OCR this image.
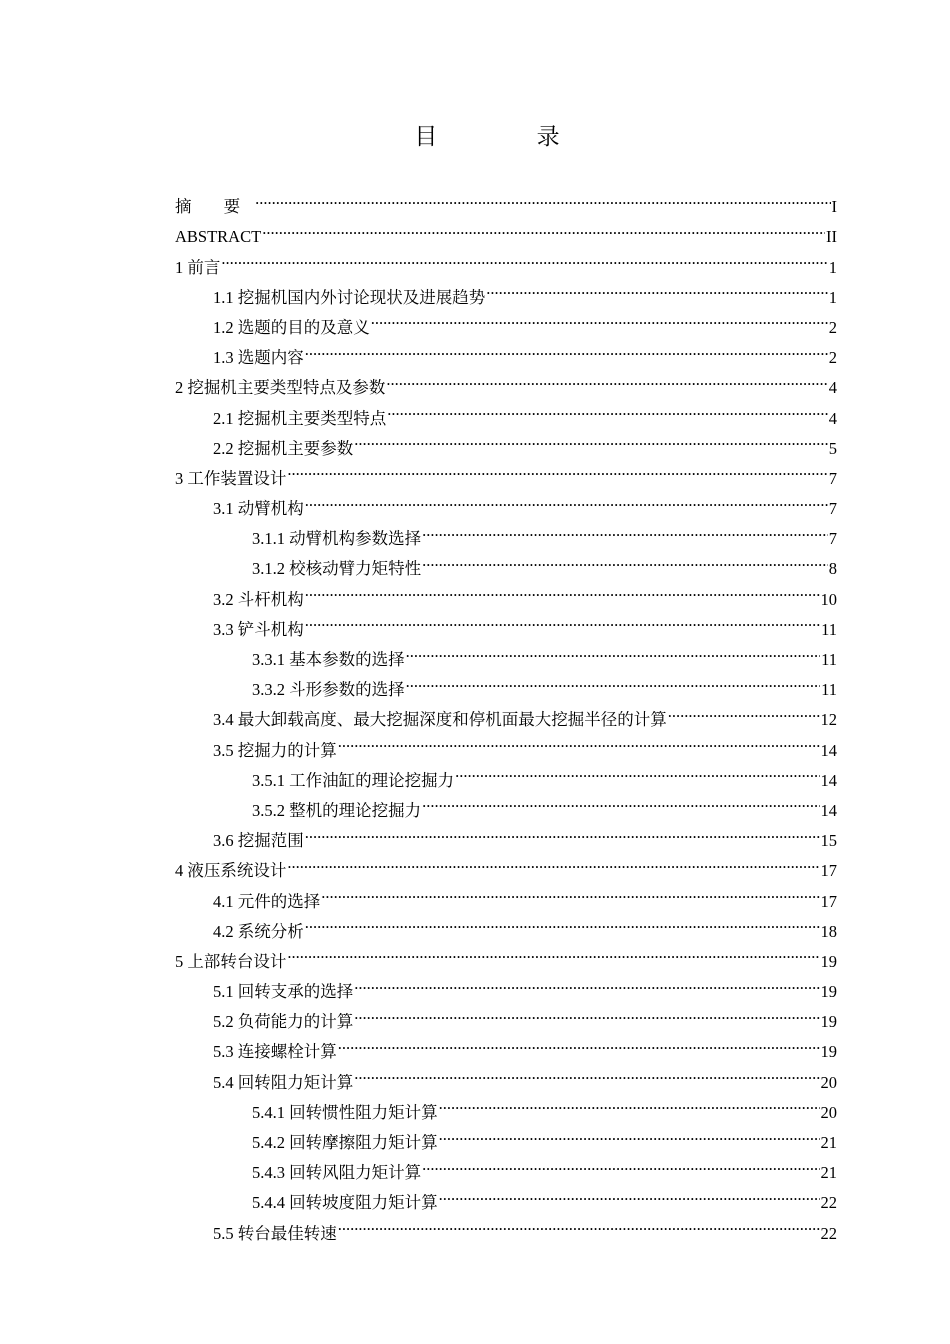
目 录
摘 要 .....	I
ABSTRACT .....	II
1 前言 .....	1
1.1 挖掘机国内外讨论现状及进展趋势 .....	1
1.2 选题的目的及意义 .....	2
1.3 选题内容 .....	2
2 挖掘机主要类型特点及参数 .....	4
2.1 挖掘机主要类型特点 .....	4
2.2 挖掘机主要参数 .....	5
3 工作装置设计 .....	7
3.1 动臂机构 .....	7
3.1.1 动臂机构参数选择 .....	7
3.1.2 校核动臂力矩特性 .....	8
3.2 斗杆机构 .....	10
3.3 铲斗机构 .....	11
3.3.1 基本参数的选择 .....	11
3.3.2 斗形参数的选择 .....	11
3.4 最大卸载高度、最大挖掘深度和停机面最大挖掘半径的计算 .....	12
3.5 挖掘力的计算 .....	14
3.5.1 工作油缸的理论挖掘力 .....	14
3.5.2 整机的理论挖掘力 .....	14
3.6 挖掘范围 .....	15
4 液压系统设计 .....	17
4.1 元件的选择 .....	17
4.2 系统分析 .....	18
5 上部转台设计 .....	19
5.1 回转支承的选择 .....	19
5.2 负荷能力的计算 .....	19
5.3 连接螺栓计算 .....	19
5.4 回转阻力矩计算 .....	20
5.4.1 回转惯性阻力矩计算 .....	20
5.4.2 回转摩擦阻力矩计算 .....	21
5.4.3 回转风阻力矩计算 .....	21
5.4.4 回转坡度阻力矩计算 .....	22
5.5 转台最佳转速 .....	22
